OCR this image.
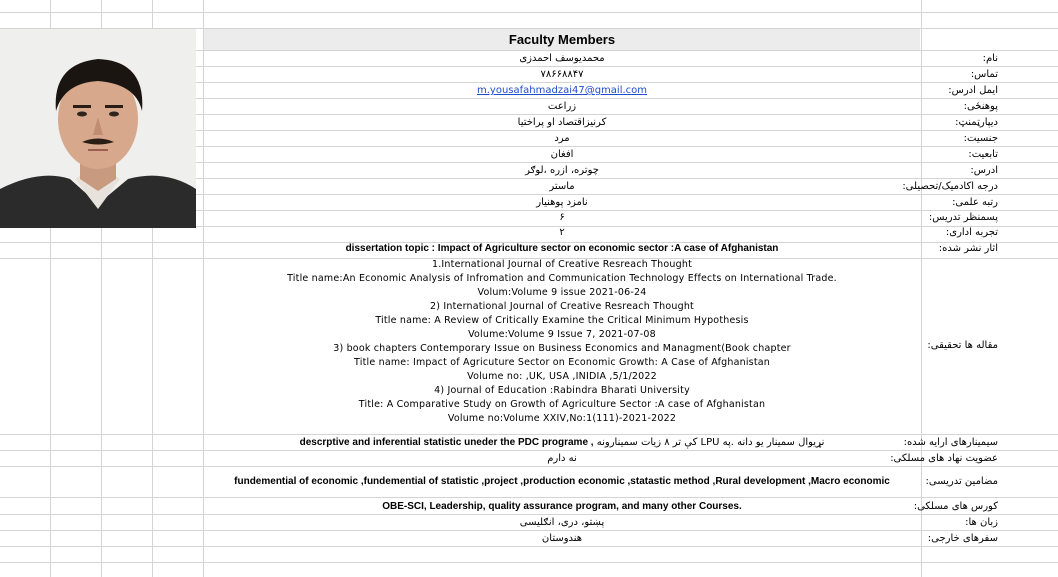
Faculty Members
محمدیوسف احمدزی	نام:
۷۸۶۶۸۸۴۷	تماس:
m.yousafahmadzai47@gmail.com	ایمل ادرس:
زراعت	پوهنځی:
کرنیزاقتصاد او پراختیا	دیپارټمنټ:
مرد	جنسیت:
افغان	تابعیت:
چوتره، ازره ،لوګر	ادرس:
ماستر	درجه اکادمیک/تحصیلی:
نامزد پوهنیار	رتبه علمی:
۶	پسمنظر تدریس:
۲	تجربه اداری:
dissertation topic : Impact of Agriculture sector on economic sector :A case of Afghanistan	اثار نشر شده:
1.International Journal of Creative Resreach Thought
Title name:An Economic Analysis of Infromation and Communication Technology Effects on International Trade.
Volum:Volume 9 issue 2021-06-24
2) International Journal of Creative Resreach Thought
Title name: A Review of Critically Examine the Critical Minimum Hypothesis
Volume:Volume 9 Issue 7, 2021-07-08
3) book chapters Contemporary Issue on Business Economics and Managment(Book chapter
Title name: Impact of Agricuture Sector on Economic Growth: A Case of Afghanistan
Volume no: ,UK, USA ,INIDIA ,5/1/2022
4) Journal of Education :Rabindra Bharati University
Title: A Comparative Study on Growth of Agriculture Sector :A case of Afghanistan
Volume no:Volume XXIV,No:1(111)-2021-2022
مقاله ها تحقیقی:
descrptive and inferential statistic uneder the PDC programe , نړیوال سمینار یو دانه .په LPU کې تر ۸ زیات سمینارونه	سیمینارهای ارایه شده:
نه دارم	عضویت نهاد های مسلکی:
fundemential of economic ,fundemential of statistic ,project ,production economic ,statastic method ,Rural development ,Macro economic	مضامین تدریسی:
OBE-SCI, Leadership, quality assurance program, and many other Courses.	کورس های مسلکی:
پښتو، دری، انګلیسی	زبان ها:
هندوستان	سفرهای خارجی:
